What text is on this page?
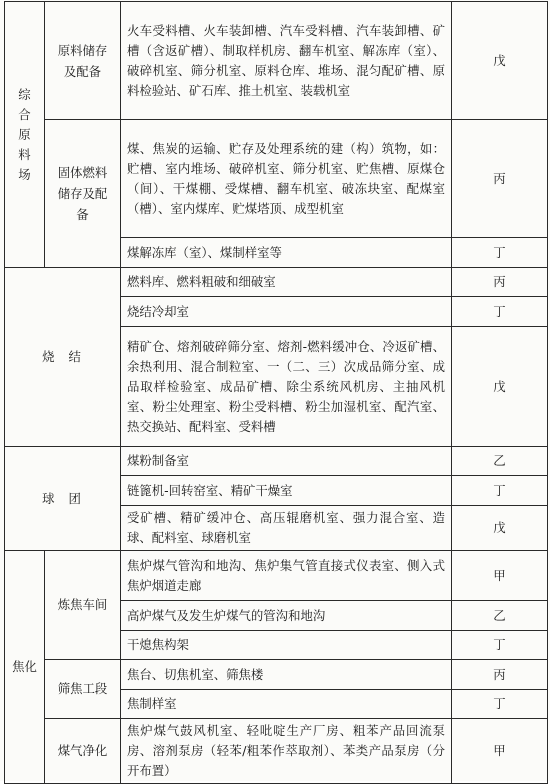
综合原料场	原料储存及配备	火车受料槽、火车装卸槽、汽车受料槽、汽车装卸槽、矿槽（含返矿槽）、制取样机房、翻车机室、解冻库（室）、破碎机室、筛分机室、原料仓库、堆场、混匀配矿槽、原料检验站、矿石库、推土机室、装载机室	戊
	固体燃料储存及配备	煤、焦炭的运输、贮存及处理系统的建（构）筑物，如：贮槽、室内堆场、破碎机室、筛分机室、贮焦槽、原煤仓（间）、干煤棚、受煤槽、翻车机室、破冻块室、配煤室（槽）、室内煤库、贮煤塔顶、成型机室	丙
		煤解冻库（室）、煤制样室等	丁
烧结		燃料库、燃料粗破和细破室	丙
		烧结冷却室	丁
		精矿仓、熔剂破碎筛分室、熔剂-燃料缓冲仓、冷返矿槽、余热利用、混合制粒室、一（二、三）次成品筛分室、成品取样检验室、成品矿槽、除尘系统风机房、主抽风机室、粉尘处理室、粉尘受料槽、粉尘加湿机室、配汽室、热交换站、配料室、受料槽	戊
球团		煤粉制备室	乙
		链篦机-回转窑室、精矿干燥室	丁
		受矿槽、精矿缓冲仓、高压辊磨机室、强力混合室、造球、配料室、球磨机室	戊
焦化	炼焦车间	焦炉煤气管沟和地沟、焦炉集气管直接式仪表室、侧入式焦炉烟道走廊	甲
		高炉煤气及发生炉煤气的管沟和地沟	乙
		干熄焦构架	丁
	筛焦工段	焦台、切焦机室、筛焦楼	丙
		焦制样室	丁
	煤气净化	焦炉煤气鼓风机室、轻吡啶生产厂房、粗苯产品回流泵房、溶剂泵房（轻苯/粗苯作萃取剂）、苯类产品泵房（分开布置）	甲
